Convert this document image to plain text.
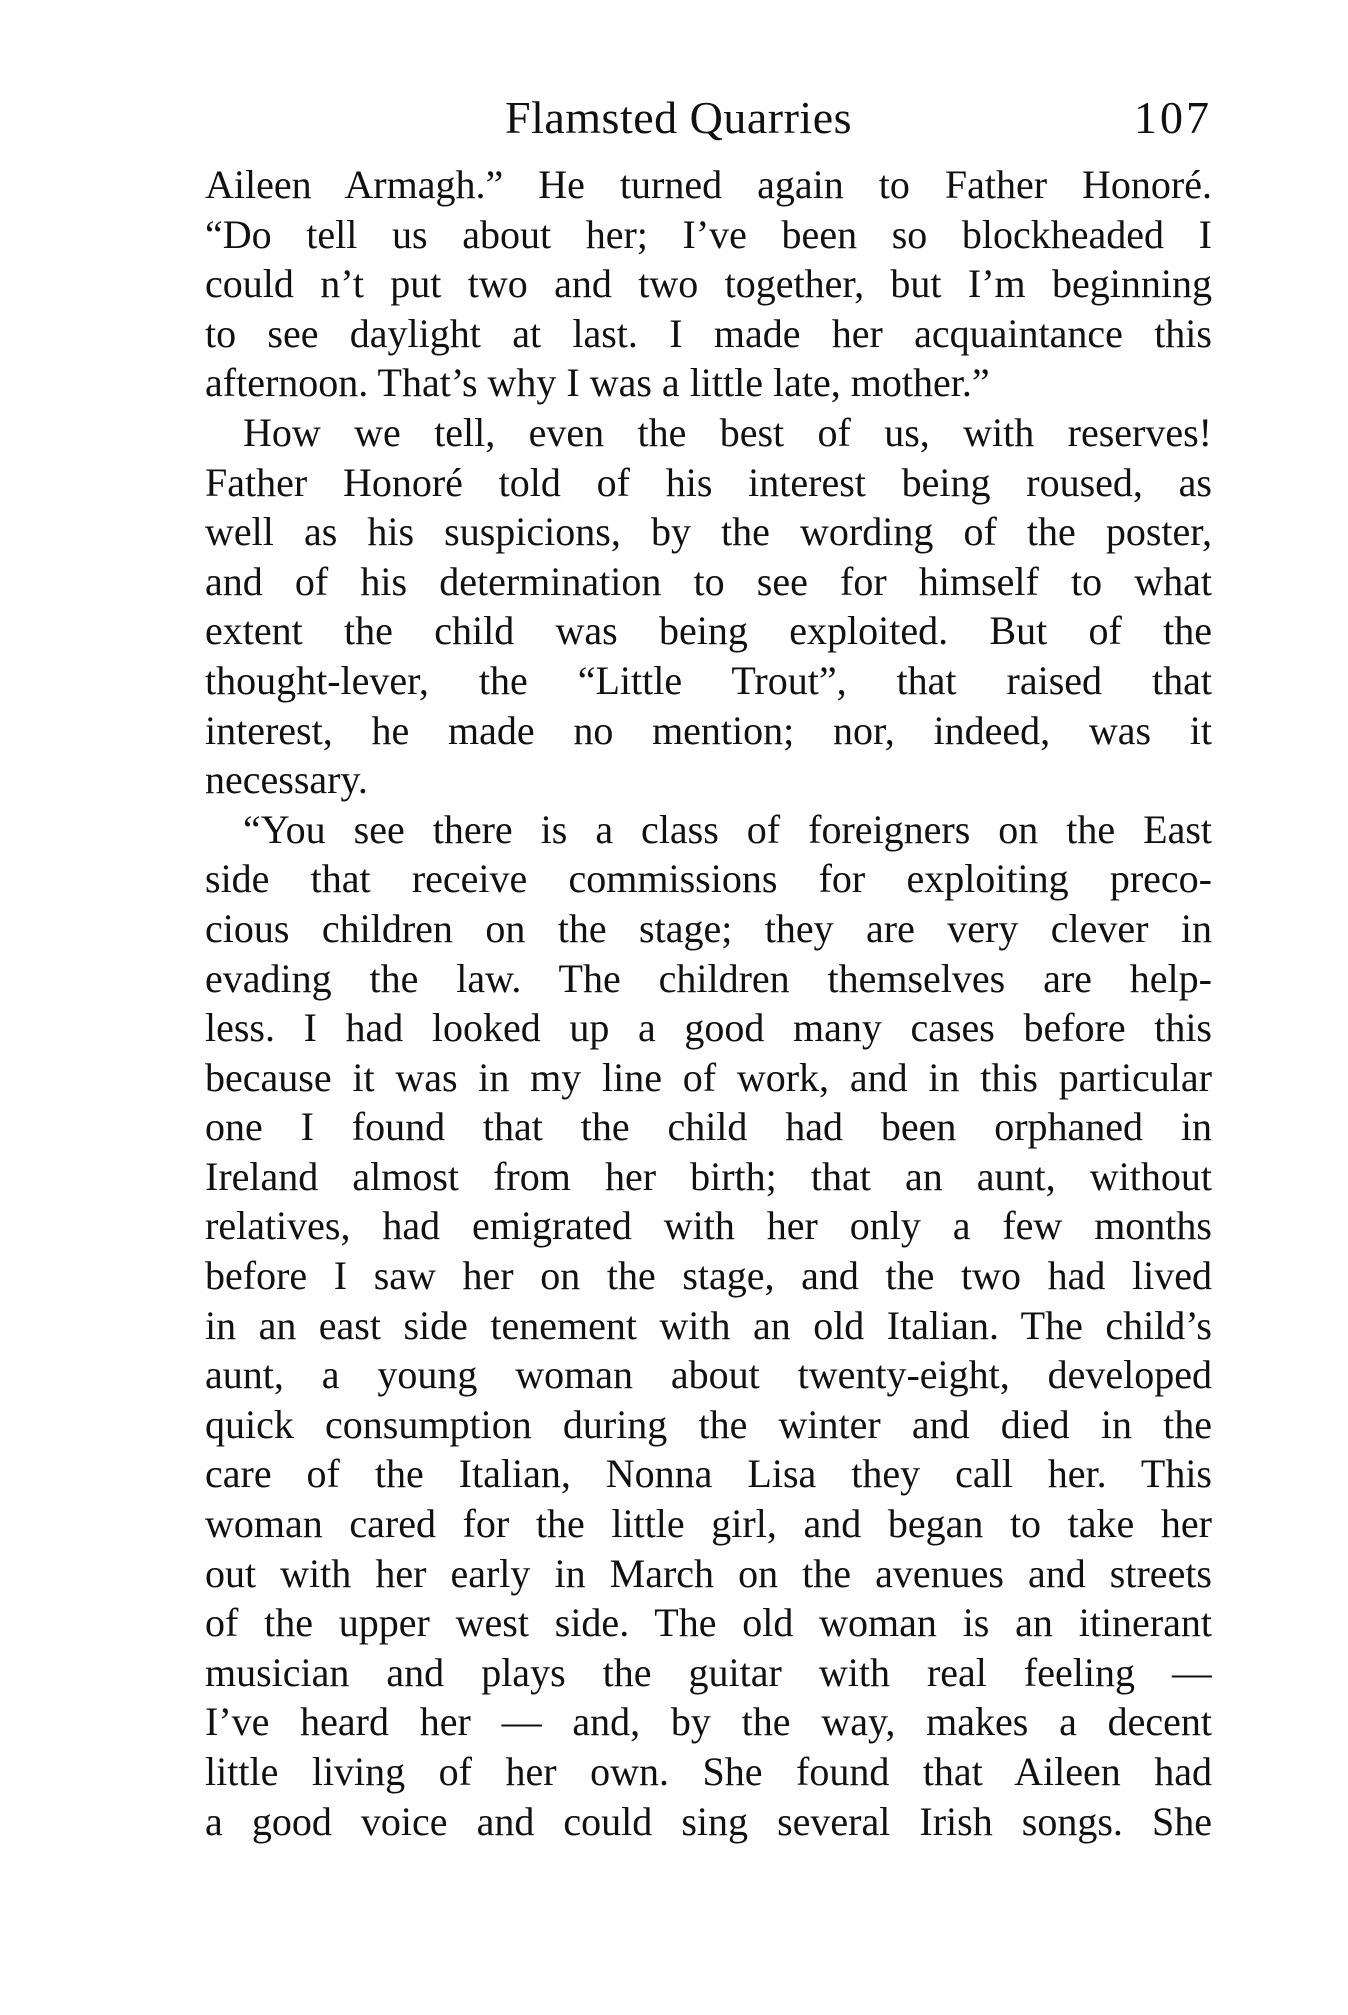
Flamsted Quarries	107
Aileen Armagh.” He turned again to Father Honoré.
“Do tell us about her; I’ve been so blockheaded I
could n’t put two and two together, but I’m beginning
to see daylight at last. I made her acquaintance this
afternoon. That’s why I was a little late, mother.”
How we tell, even the best of us, with reserves!
Father Honoré told of his interest being roused, as
well as his suspicions, by the wording of the poster,
and of his determination to see for himself to what
extent the child was being exploited. But of the
thought-lever, the “Little Trout”, that raised that
interest, he made no mention; nor, indeed, was it
necessary.
“You see there is a class of foreigners on the East
side that receive commissions for exploiting preco-
cious children on the stage; they are very clever in
evading the law. The children themselves are help-
less. I had looked up a good many cases before this
because it was in my line of work, and in this particular
one I found that the child had been orphaned in
Ireland almost from her birth; that an aunt, without
relatives, had emigrated with her only a few months
before I saw her on the stage, and the two had lived
in an east side tenement with an old Italian. The child’s
aunt, a young woman about twenty-eight, developed
quick consumption during the winter and died in the
care of the Italian, Nonna Lisa they call her. This
woman cared for the little girl, and began to take her
out with her early in March on the avenues and streets
of the upper west side. The old woman is an itinerant
musician and plays the guitar with real feeling —
I’ve heard her — and, by the way, makes a decent
little living of her own. She found that Aileen had
a good voice and could sing several Irish songs. She
